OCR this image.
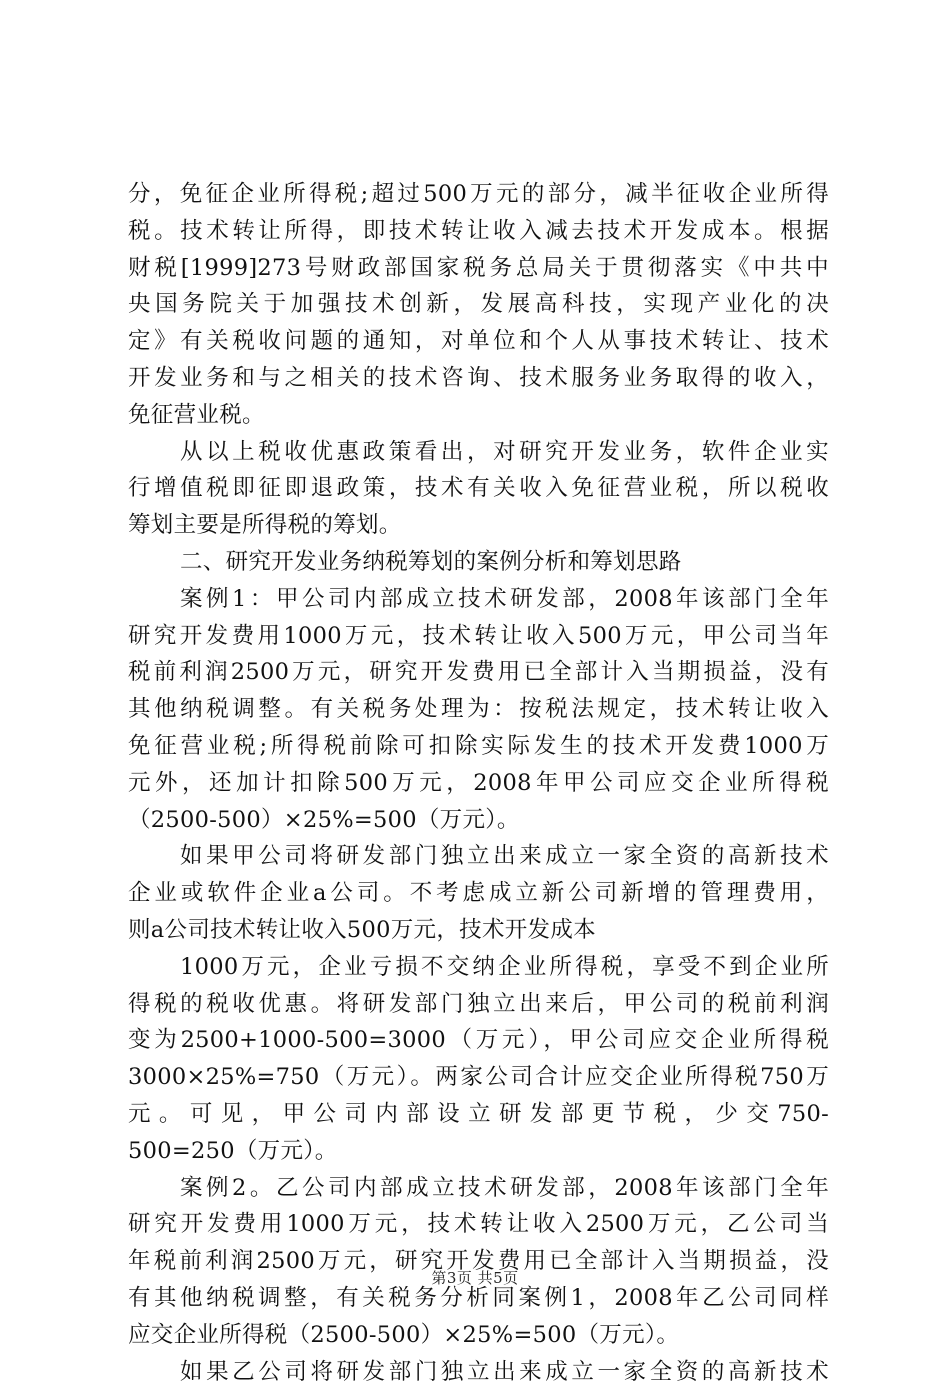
分，免征企业所得税;超过500万元的部分，减半征收企业所得
税。技术转让所得，即技术转让收入减去技术开发成本。根据
财税[1999]273号财政部国家税务总局关于贯彻落实《中共中
央国务院关于加强技术创新，发展高科技，实现产业化的决
定》有关税收问题的通知，对单位和个人从事技术转让、技术
开发业务和与之相关的技术咨询、技术服务业务取得的收入，
免征营业税。
从以上税收优惠政策看出，对研究开发业务，软件企业实
行增值税即征即退政策，技术有关收入免征营业税，所以税收
筹划主要是所得税的筹划。
二、研究开发业务纳税筹划的案例分析和筹划思路
案例1：甲公司内部成立技术研发部，2008年该部门全年
研究开发费用1000万元，技术转让收入500万元，甲公司当年
税前利润2500万元，研究开发费用已全部计入当期损益，没有
其他纳税调整。有关税务处理为：按税法规定，技术转让收入
免征营业税;所得税前除可扣除实际发生的技术开发费1000万
元外，还加计扣除500万元，2008年甲公司应交企业所得税
（2500-500）×25%=500（万元）。
如果甲公司将研发部门独立出来成立一家全资的高新技术
企业或软件企业a公司。不考虑成立新公司新增的管理费用，
则a公司技术转让收入500万元，技术开发成本
1000万元，企业亏损不交纳企业所得税，享受不到企业所
得税的税收优惠。将研发部门独立出来后，甲公司的税前利润
变为2500+1000-500=3000（万元），甲公司应交企业所得税
3000×25%=750（万元）。两家公司合计应交企业所得税750万
元。可见，甲公司内部设立研发部更节税，少交750-
500=250（万元）。
案例2。乙公司内部成立技术研发部，2008年该部门全年
研究开发费用1000万元，技术转让收入2500万元，乙公司当
年税前利润2500万元，研究开发费用已全部计入当期损益，没
有其他纳税调整，有关税务分析同案例1，2008年乙公司同样
应交企业所得税（2500-500）×25%=500（万元）。
如果乙公司将研发部门独立出来成立一家全资的高新技术
第3页 共5页
